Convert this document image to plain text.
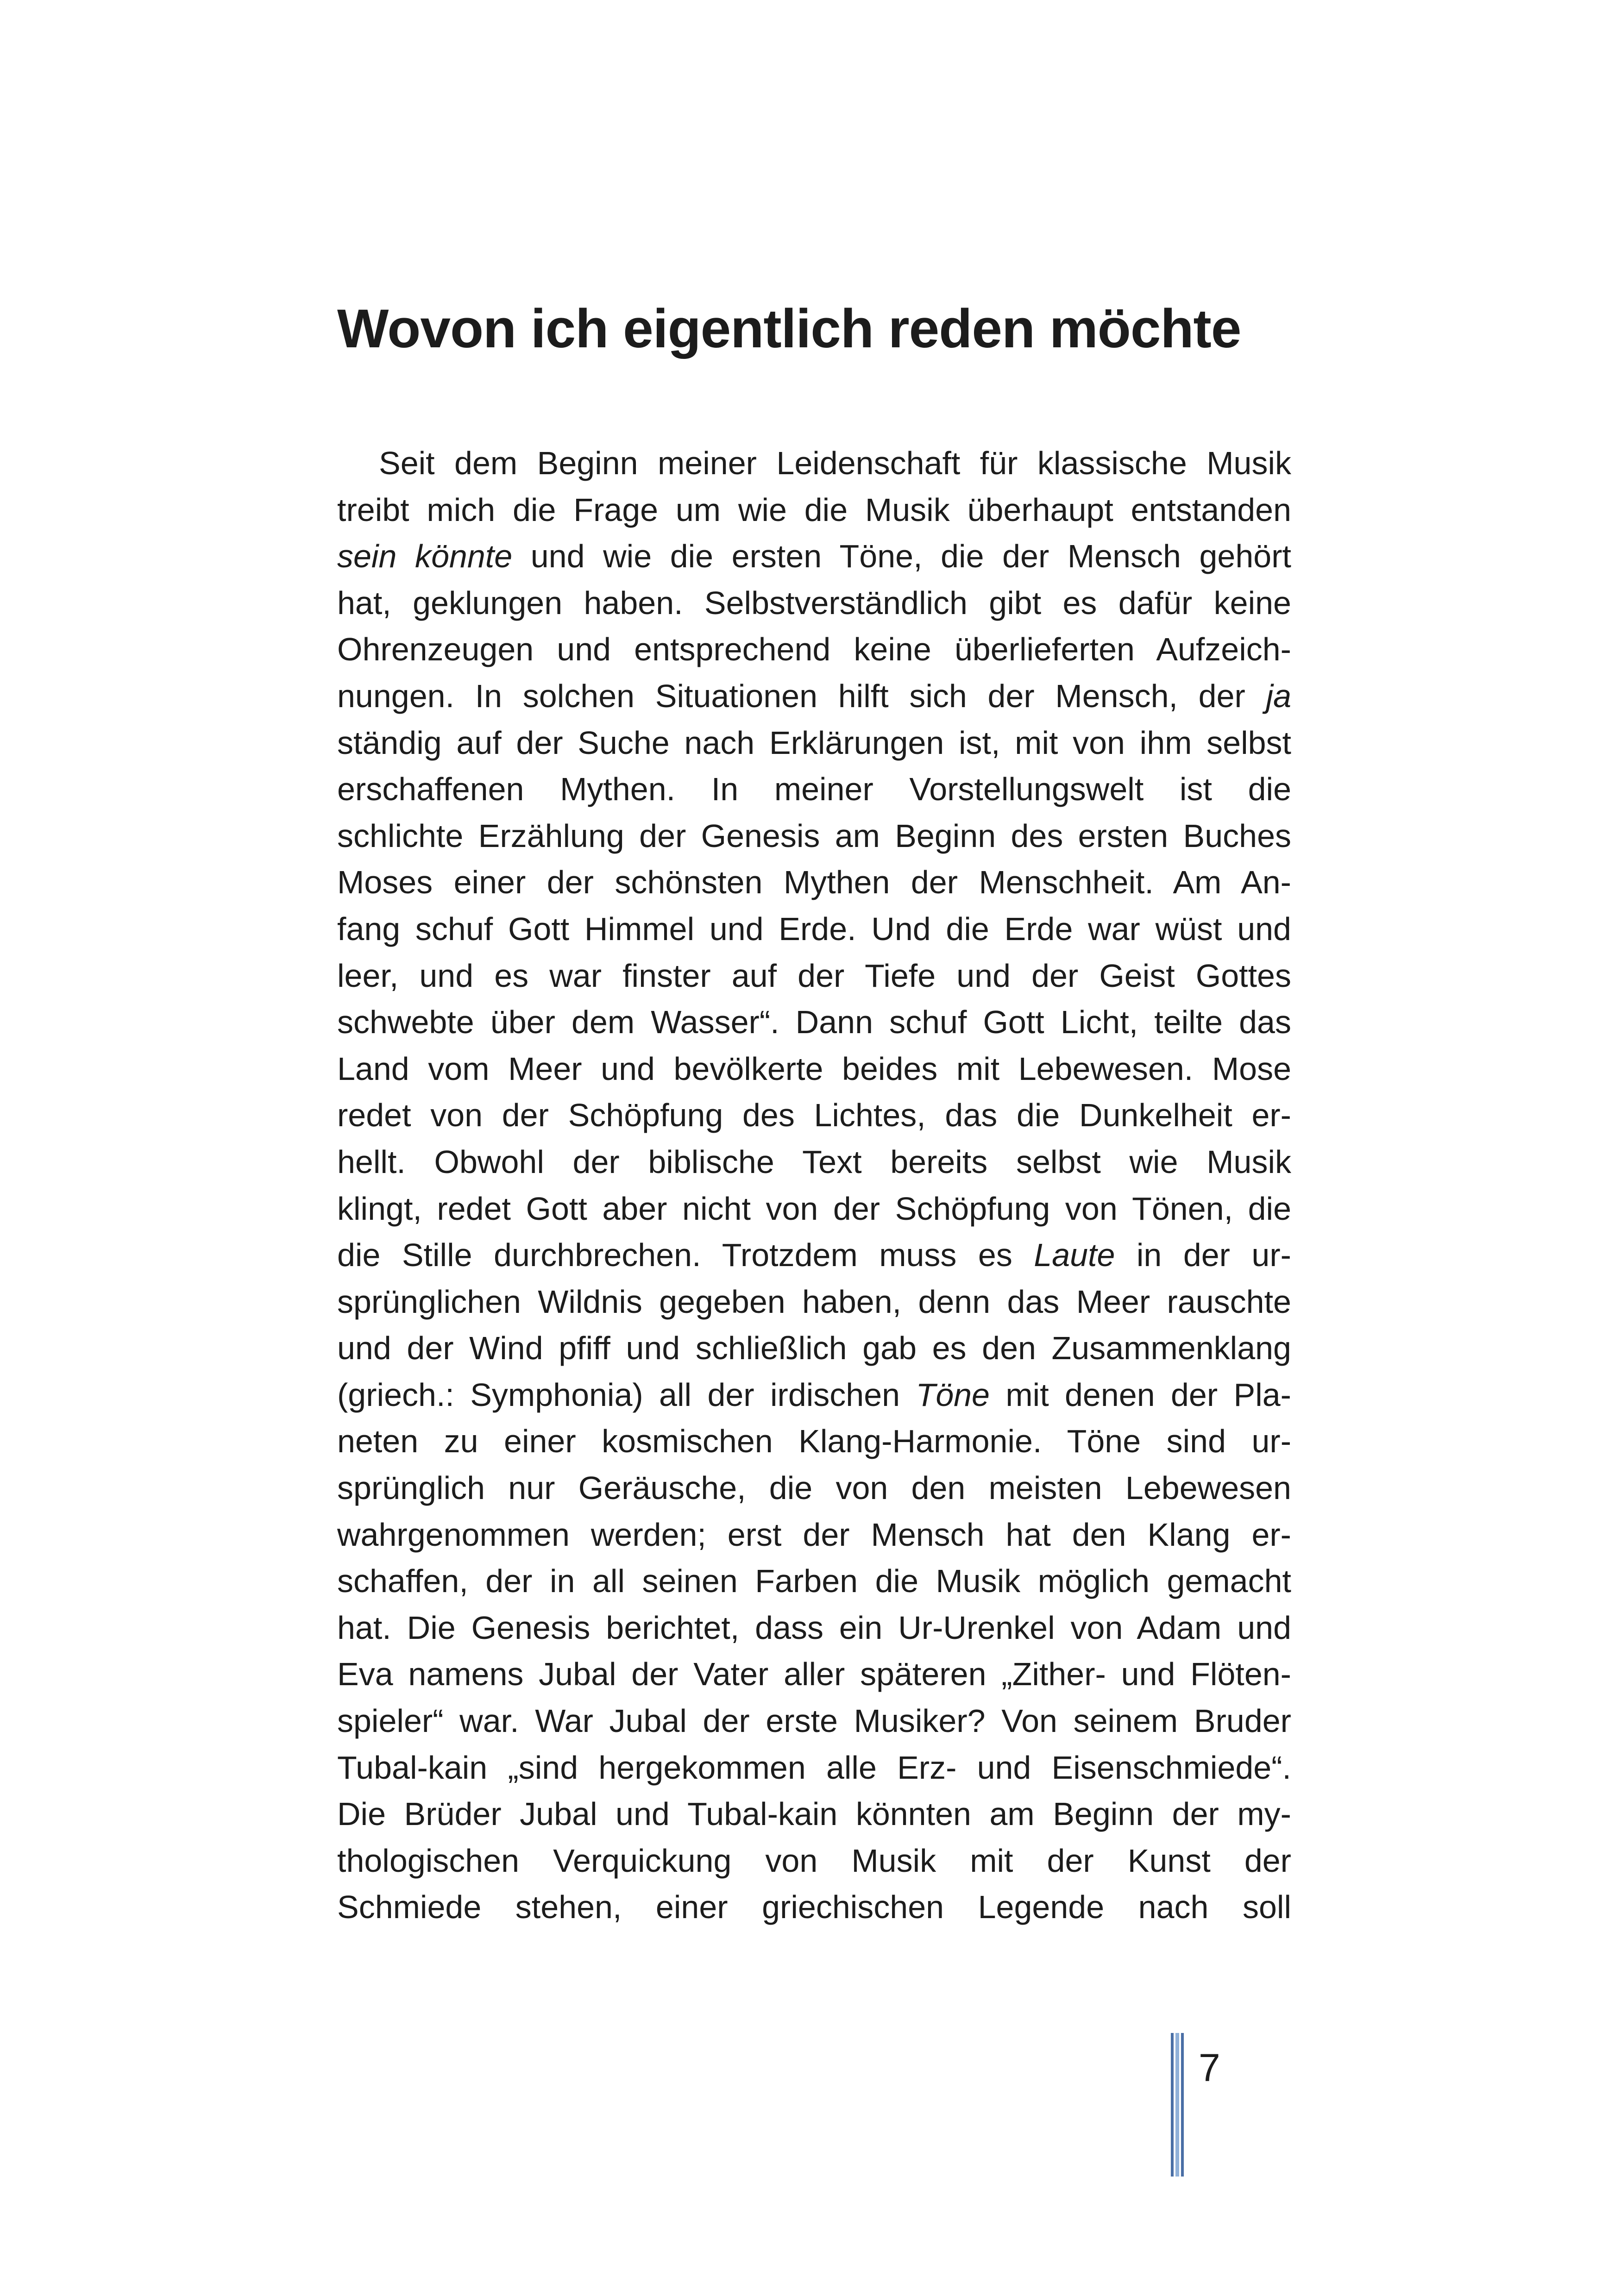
Wovon ich eigentlich reden möchte
Seit dem Beginn meiner Leidenschaft für klassische Musik
treibt mich die Frage um wie die Musik überhaupt entstanden
sein könnte und wie die ersten Töne, die der Mensch gehört
hat, geklungen haben. Selbstverständlich gibt es dafür keine
Ohrenzeugen und entsprechend keine überlieferten Aufzeich-
nungen. In solchen Situationen hilft sich der Mensch, der ja
ständig auf der Suche nach Erklärungen ist, mit von ihm selbst
erschaffenen Mythen. In meiner Vorstellungswelt ist die
schlichte Erzählung der Genesis am Beginn des ersten Buches
Moses einer der schönsten Mythen der Menschheit. Am An-
fang schuf Gott Himmel und Erde. Und die Erde war wüst und
leer, und es war finster auf der Tiefe und der Geist Gottes
schwebte über dem Wasser“. Dann schuf Gott Licht, teilte das
Land vom Meer und bevölkerte beides mit Lebewesen. Mose
redet von der Schöpfung des Lichtes, das die Dunkelheit er-
hellt. Obwohl der biblische Text bereits selbst wie Musik
klingt, redet Gott aber nicht von der Schöpfung von Tönen, die
die Stille durchbrechen. Trotzdem muss es Laute in der ur-
sprünglichen Wildnis gegeben haben, denn das Meer rauschte
und der Wind pfiff und schließlich gab es den Zusammenklang
(griech.: Symphonia) all der irdischen Töne mit denen der Pla-
neten zu einer kosmischen Klang-Harmonie. Töne sind ur-
sprünglich nur Geräusche, die von den meisten Lebewesen
wahrgenommen werden; erst der Mensch hat den Klang er-
schaffen, der in all seinen Farben die Musik möglich gemacht
hat. Die Genesis berichtet, dass ein Ur-Urenkel von Adam und
Eva namens Jubal der Vater aller späteren „Zither- und Flöten-
spieler“ war. War Jubal der erste Musiker? Von seinem Bruder
Tubal-kain „sind hergekommen alle Erz- und Eisenschmiede“.
Die Brüder Jubal und Tubal-kain könnten am Beginn der my-
thologischen Verquickung von Musik mit der Kunst der
Schmiede stehen, einer griechischen Legende nach soll
7
